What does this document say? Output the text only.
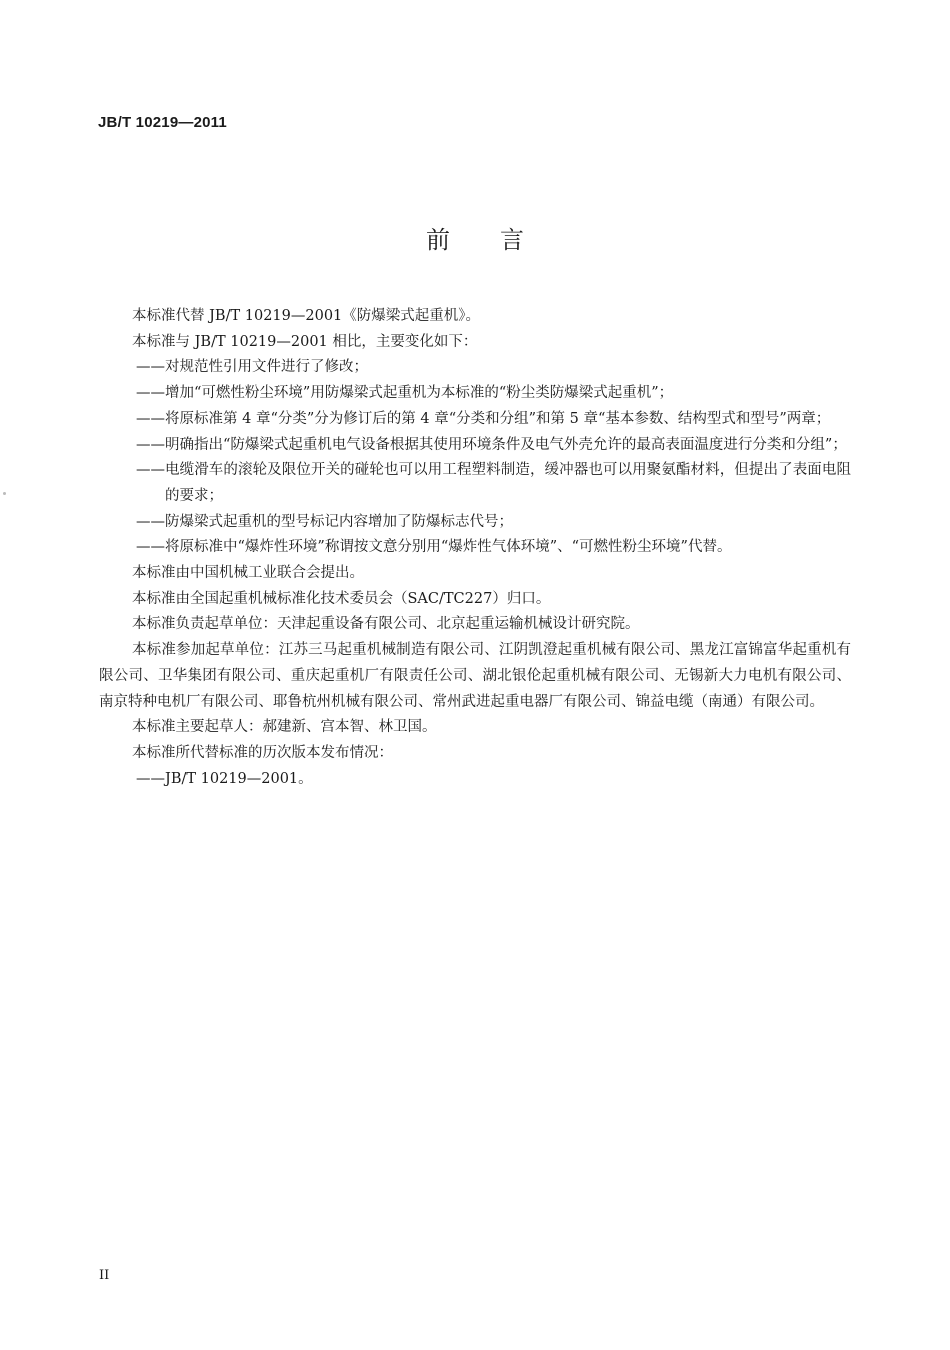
JB/T 10219—2011
前言

本标准代替 JB/T 10219—2001《防爆梁式起重机》。

本标准与 JB/T 10219—2001 相比，主要变化如下：

—— 对规范性引用文件进行了修改；
—— 增加“可燃性粉尘环境”用防爆梁式起重机为本标准的“粉尘类防爆梁式起重机”；
—— 将原标准第 4 章“分类”分为修订后的第 4 章“分类和分组”和第 5 章“基本参数、结构型式和型号”两章；
—— 明确指出“防爆梁式起重机电气设备根据其使用环境条件及电气外壳允许的最高表面温度进行分类和分组”；
—— 电缆滑车的滚轮及限位开关的碰轮也可以用工程塑料制造，缓冲器也可以用聚氨酯材料，但提出了表面电阻的要求；
—— 防爆梁式起重机的型号标记内容增加了防爆标志代号；
—— 将原标准中“爆炸性环境”称谓按文意分别用“爆炸性气体环境”、“可燃性粉尘环境”代替。

本标准由中国机械工业联合会提出。

本标准由全国起重机械标准化技术委员会（SAC/TC227）归口。

本标准负责起草单位：天津起重设备有限公司、北京起重运输机械设计研究院。

本标准参加起草单位：江苏三马起重机械制造有限公司、江阴凯澄起重机械有限公司、黑龙江富锦富华起重机有限公司、卫华集团有限公司、重庆起重机厂有限责任公司、湖北银伦起重机械有限公司、无锡新大力电机有限公司、南京特种电机厂有限公司、耶鲁杭州机械有限公司、常州武进起重电器厂有限公司、锦益电缆（南通）有限公司。

本标准主要起草人：郝建新、宫本智、林卫国。

本标准所代替标准的历次版本发布情况：

—— JB/T 10219—2001。
II
